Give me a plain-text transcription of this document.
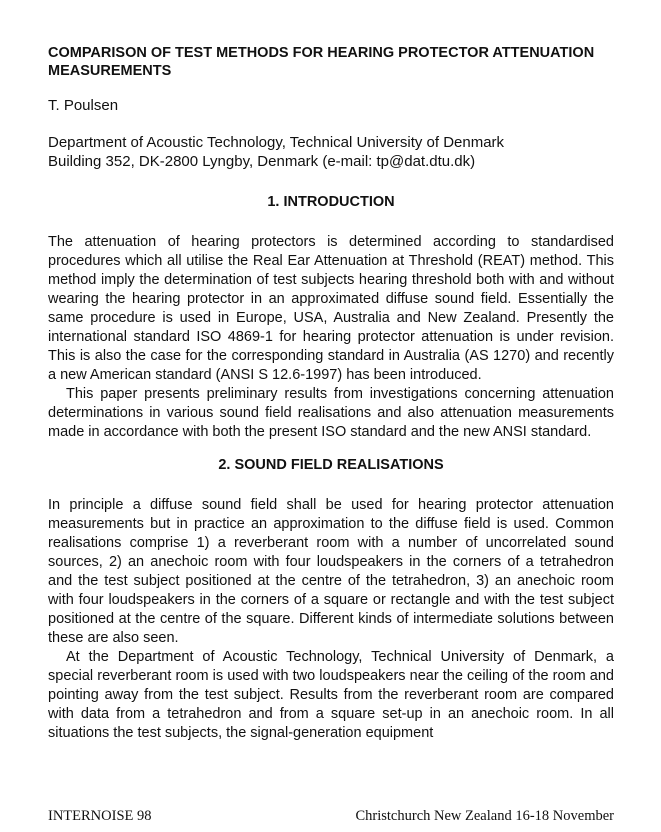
COMPARISON OF TEST METHODS FOR HEARING PROTECTOR ATTENUATION MEASUREMENTS
T. Poulsen
Department of Acoustic Technology, Technical University of Denmark
Building 352, DK-2800 Lyngby, Denmark (e-mail: tp@dat.dtu.dk)
1. INTRODUCTION

The attenuation of hearing protectors is determined according to standardised procedures which all utilise the Real Ear Attenuation at Threshold (REAT) method. This method imply the determination of test subjects hearing threshold both with and without wearing the hearing protector in an approximated diffuse sound field. Essentially the same procedure is used in Europe, USA, Australia and New Zealand. Presently the international standard ISO 4869-1 for hearing protector attenuation is under revision. This is also the case for the corresponding standard in Australia (AS 1270) and recently a new American standard (ANSI S 12.6-1997) has been introduced.

This paper presents preliminary results from investigations concerning attenuation determinations in various sound field realisations and also attenuation measurements made in accordance with both the present ISO standard and the new ANSI standard.

2. SOUND FIELD REALISATIONS

In principle a diffuse sound field shall be used for hearing protector attenuation measurements but in practice an approximation to the diffuse field is used. Common realisations comprise 1) a reverberant room with a number of uncorrelated sound sources, 2) an anechoic room with four loudspeakers in the corners of a tetrahedron and the test subject positioned at the centre of the tetrahedron, 3) an anechoic room with four loudspeakers in the corners of a square or rectangle and with the test subject positioned at the centre of the square. Different kinds of intermediate solutions between these are also seen.

At the Department of Acoustic Technology, Technical University of Denmark, a special reverberant room is used with two loudspeakers near the ceiling of the room and pointing away from the test subject. Results from the reverberant room are compared with data from a tetrahedron and from a square set-up in an anechoic room. In all situations the test subjects, the signal-generation equipment

INTERNOISE 98	Christchurch New Zealand 16-18 November
